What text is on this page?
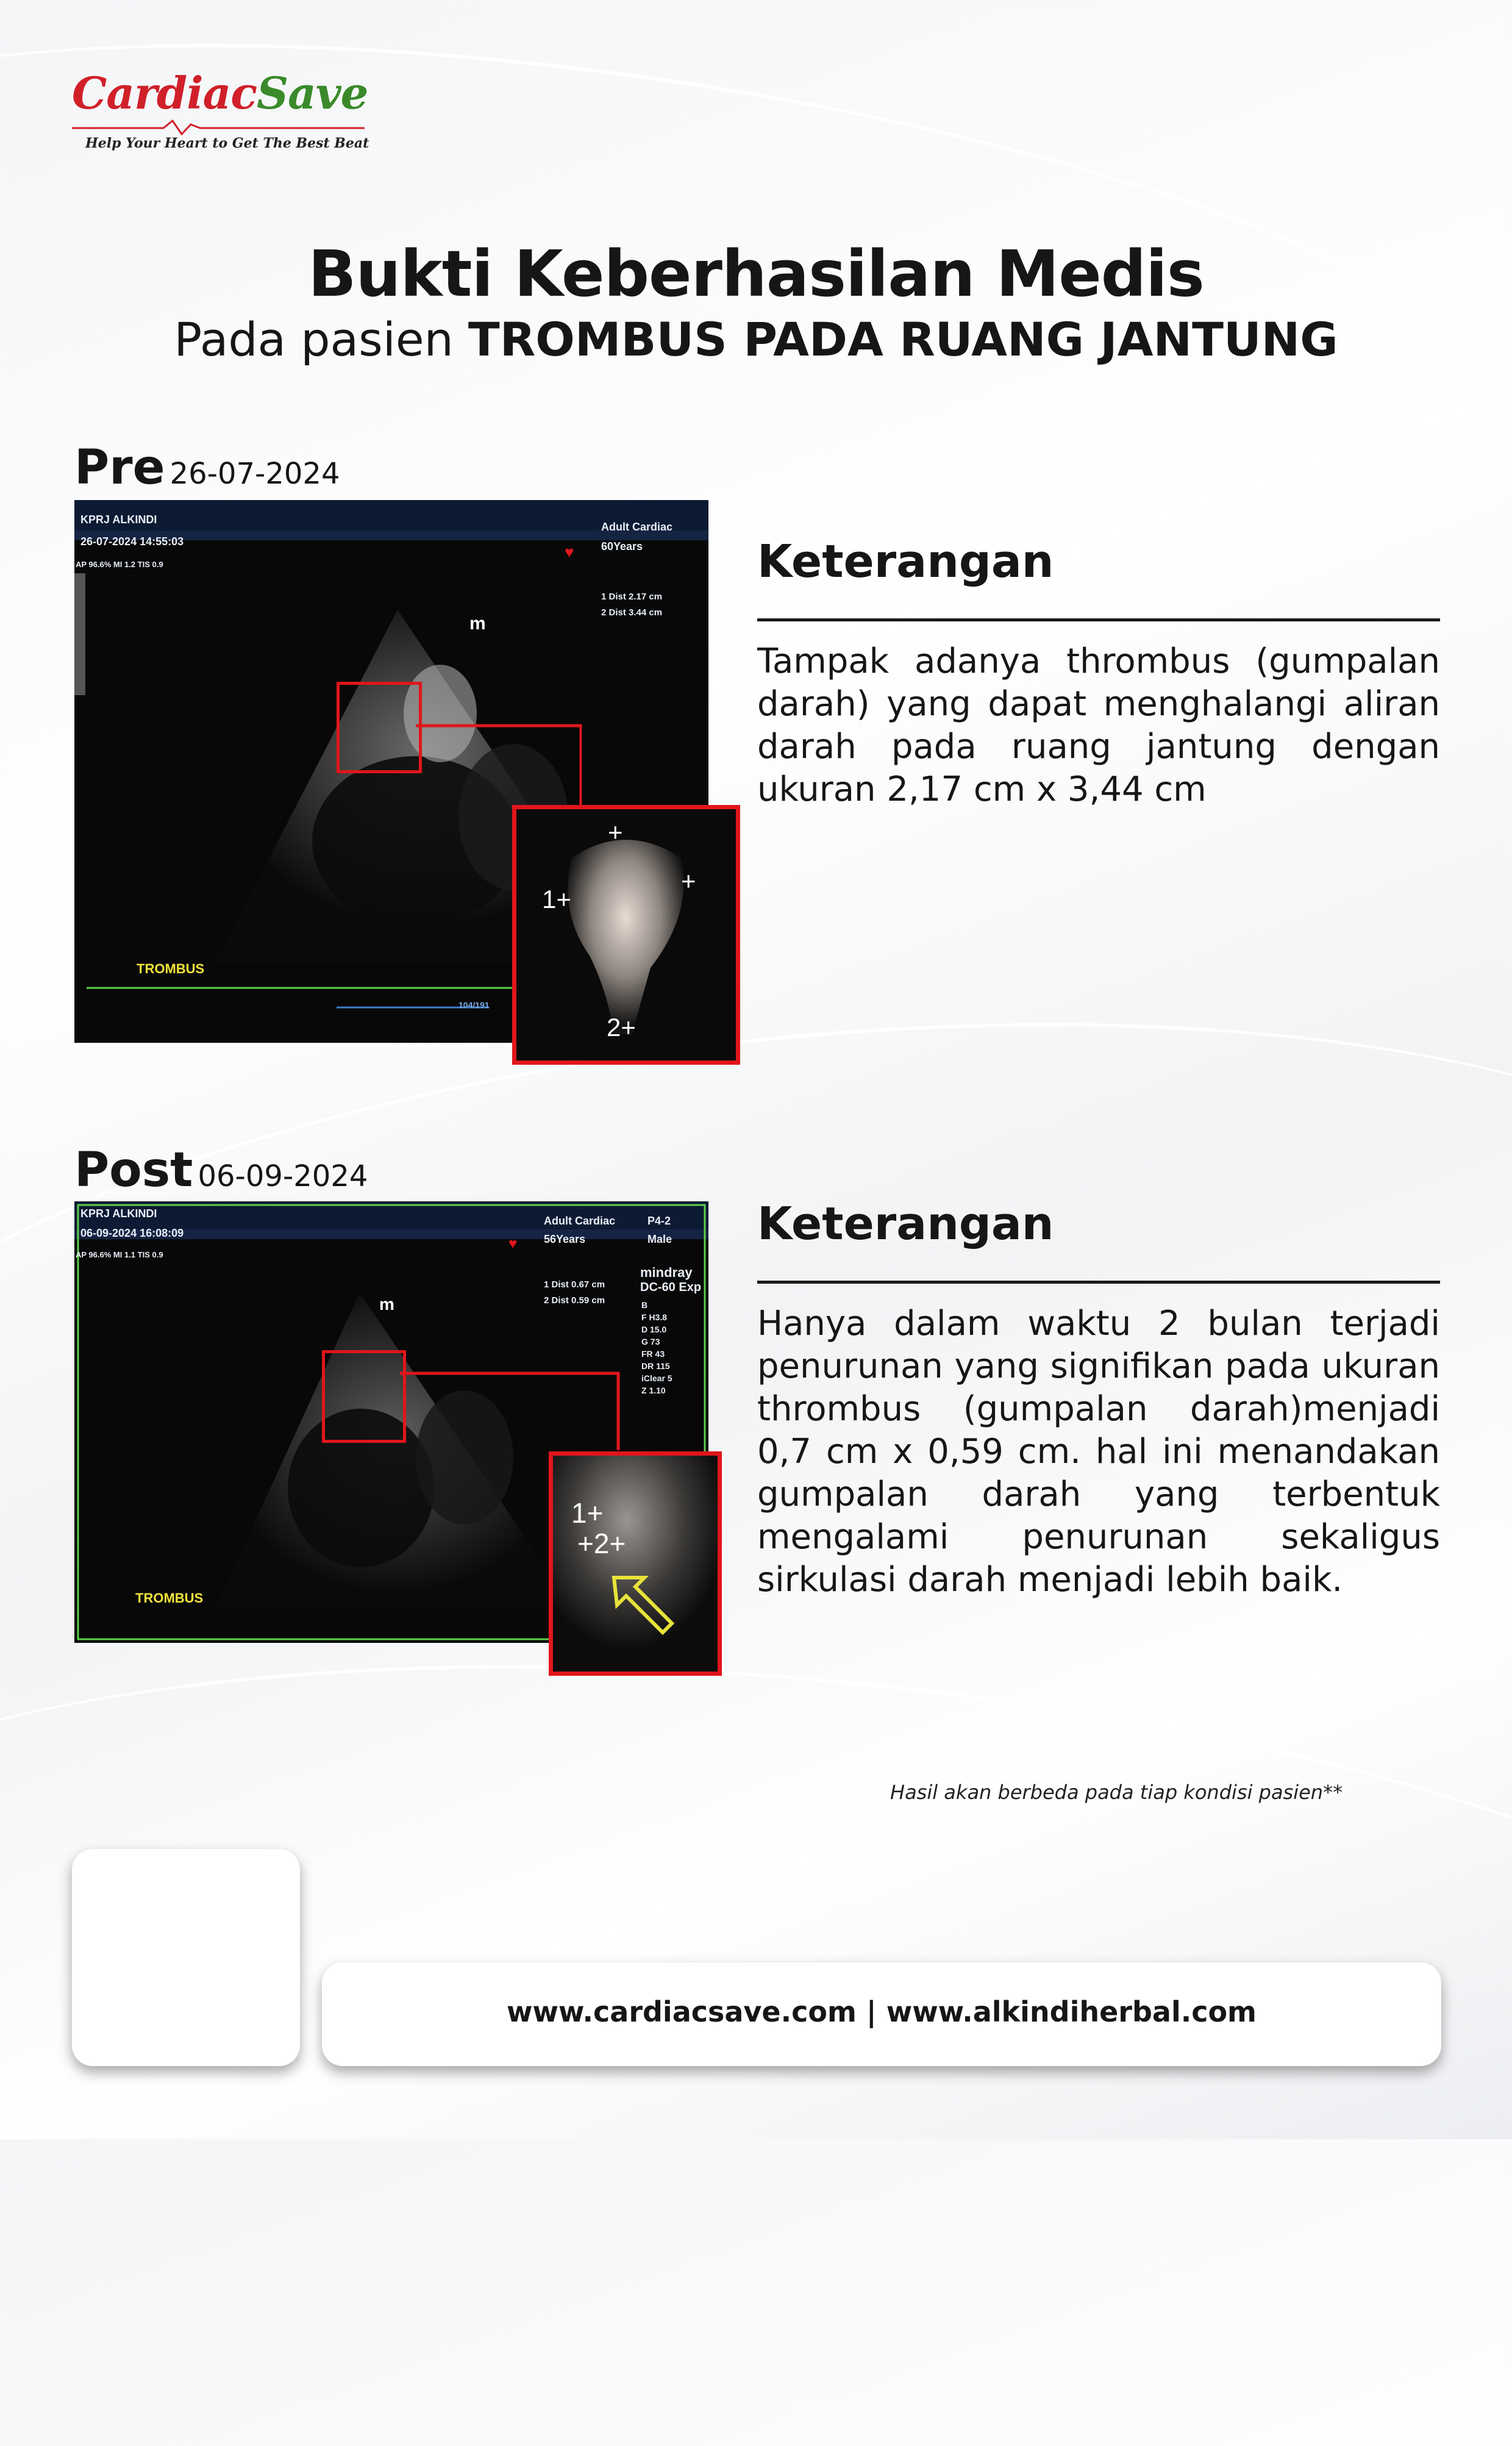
CardiacSave
Help Your Heart to Get The Best Beat
Bukti Keberhasilan Medis
Pada pasien TROMBUS PADA RUANG JANTUNG
Pre 26-07-2024
m
KPRJ ALKINDI
26-07-2024 14:55:03
AP 96.6% MI 1.2 TIS 0.9
Adult Cardiac
60Years
♥
1 Dist 2.17 cm
2 Dist 3.44 cm
TROMBUS
104/191
1+
2+
+
+
Keterangan
Tampak adanya thrombus (gumpalan darah) yang dapat menghalangi aliran darah pada ruang jantung dengan ukuran 2,17 cm x 3,44 cm
Post 06-09-2024
m
KPRJ ALKINDI
06-09-2024 16:08:09
AP 96.6% MI 1.1 TIS 0.9
Adult Cardiac
56Years
P4-2
Male
♥
1 Dist 0.67 cm
2 Dist 0.59 cm
mindray
DC-60 Exp
B
F H3.8
D 15.0
G 73
FR 43
DR 115
iClear 5
Z 1.10
TROMBUS
1+
+2+
Keterangan
Hanya dalam waktu 2 bulan terjadi penurunan yang signifikan pada ukuran thrombus (gumpalan darah)menjadi 0,7 cm x 0,59 cm. hal ini menandakan gumpalan darah yang terbentuk mengalami penurunan sekaligus sirkulasi darah menjadi lebih baik.
Hasil akan berbeda pada tiap kondisi pasien**
www.cardiacsave.com | www.alkindiherbal.com
